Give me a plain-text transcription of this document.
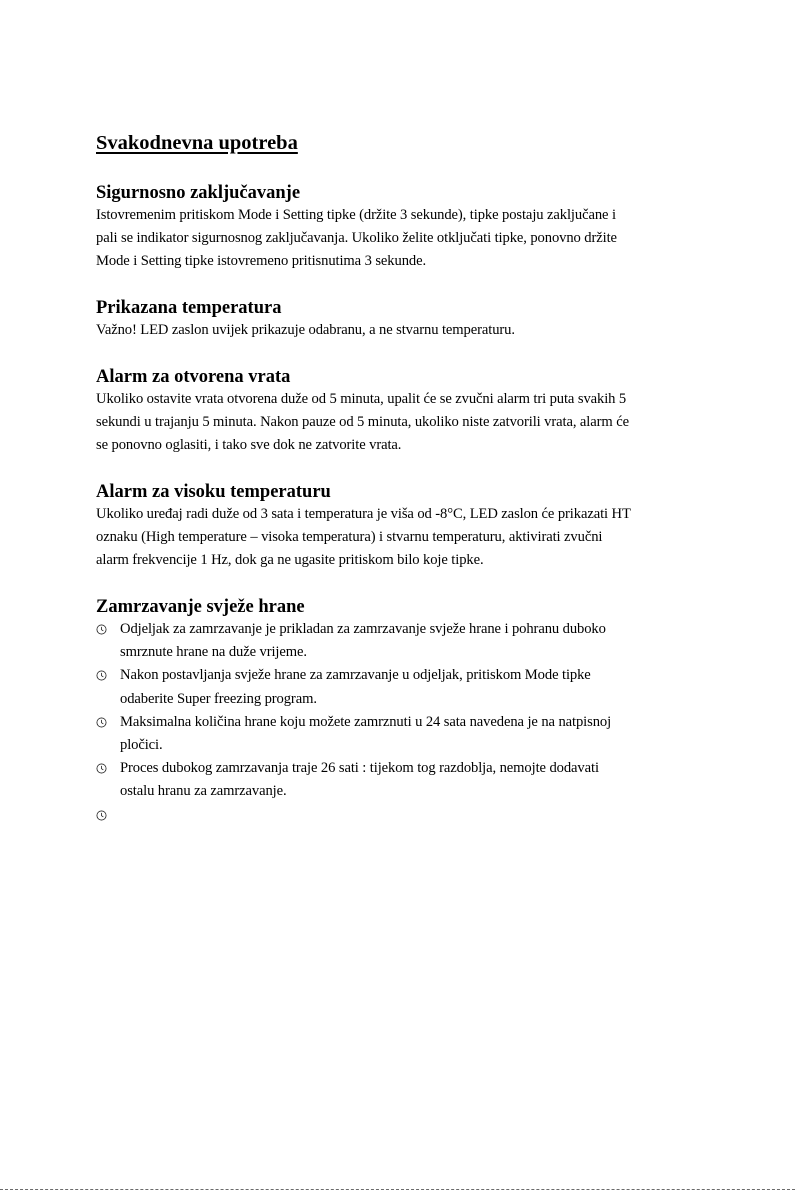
Svakodnevna upotreba
Sigurnosno zaključavanje

Istovremenim pritiskom Mode i Setting tipke (držite 3 sekunde), tipke postaju zaključane i
pali se indikator sigurnosnog zaključavanja. Ukoliko želite otključati tipke, ponovno držite
Mode i Setting tipke istovremeno pritisnutima 3 sekunde.

Prikazana temperatura

Važno! LED zaslon uvijek prikazuje odabranu, a ne stvarnu temperaturu.

Alarm za otvorena vrata

Ukoliko ostavite vrata otvorena duže od 5 minuta, upalit će se zvučni alarm tri puta svakih 5
sekundi u trajanju 5 minuta. Nakon pauze od 5 minuta, ukoliko niste zatvorili vrata, alarm će
se ponovno oglasiti, i tako sve dok ne zatvorite vrata.

Alarm za visoku temperaturu

Ukoliko uređaj radi duže od 3 sata i temperatura je viša od -8°C, LED zaslon će prikazati HT
oznaku (High temperature – visoka temperatura) i stvarnu temperaturu, aktivirati zvučni
alarm frekvencije 1 Hz, dok ga ne ugasite pritiskom bilo koje tipke.

Zamrzavanje svježe hrane
Odjeljak za zamrzavanje je prikladan za zamrzavanje svježe hrane i pohranu duboko
smrznute hrane na duže vrijeme.
Nakon postavljanja svježe hrane za zamrzavanje u odjeljak, pritiskom Mode tipke
odaberite Super freezing program.
Maksimalna količina hrane koju možete zamrznuti u 24 sata navedena je na natpisnoj
pločici.
Proces dubokog zamrzavanja traje 26 sati : tijekom tog razdoblja, nemojte dodavati
ostalu hranu za zamrzavanje.
